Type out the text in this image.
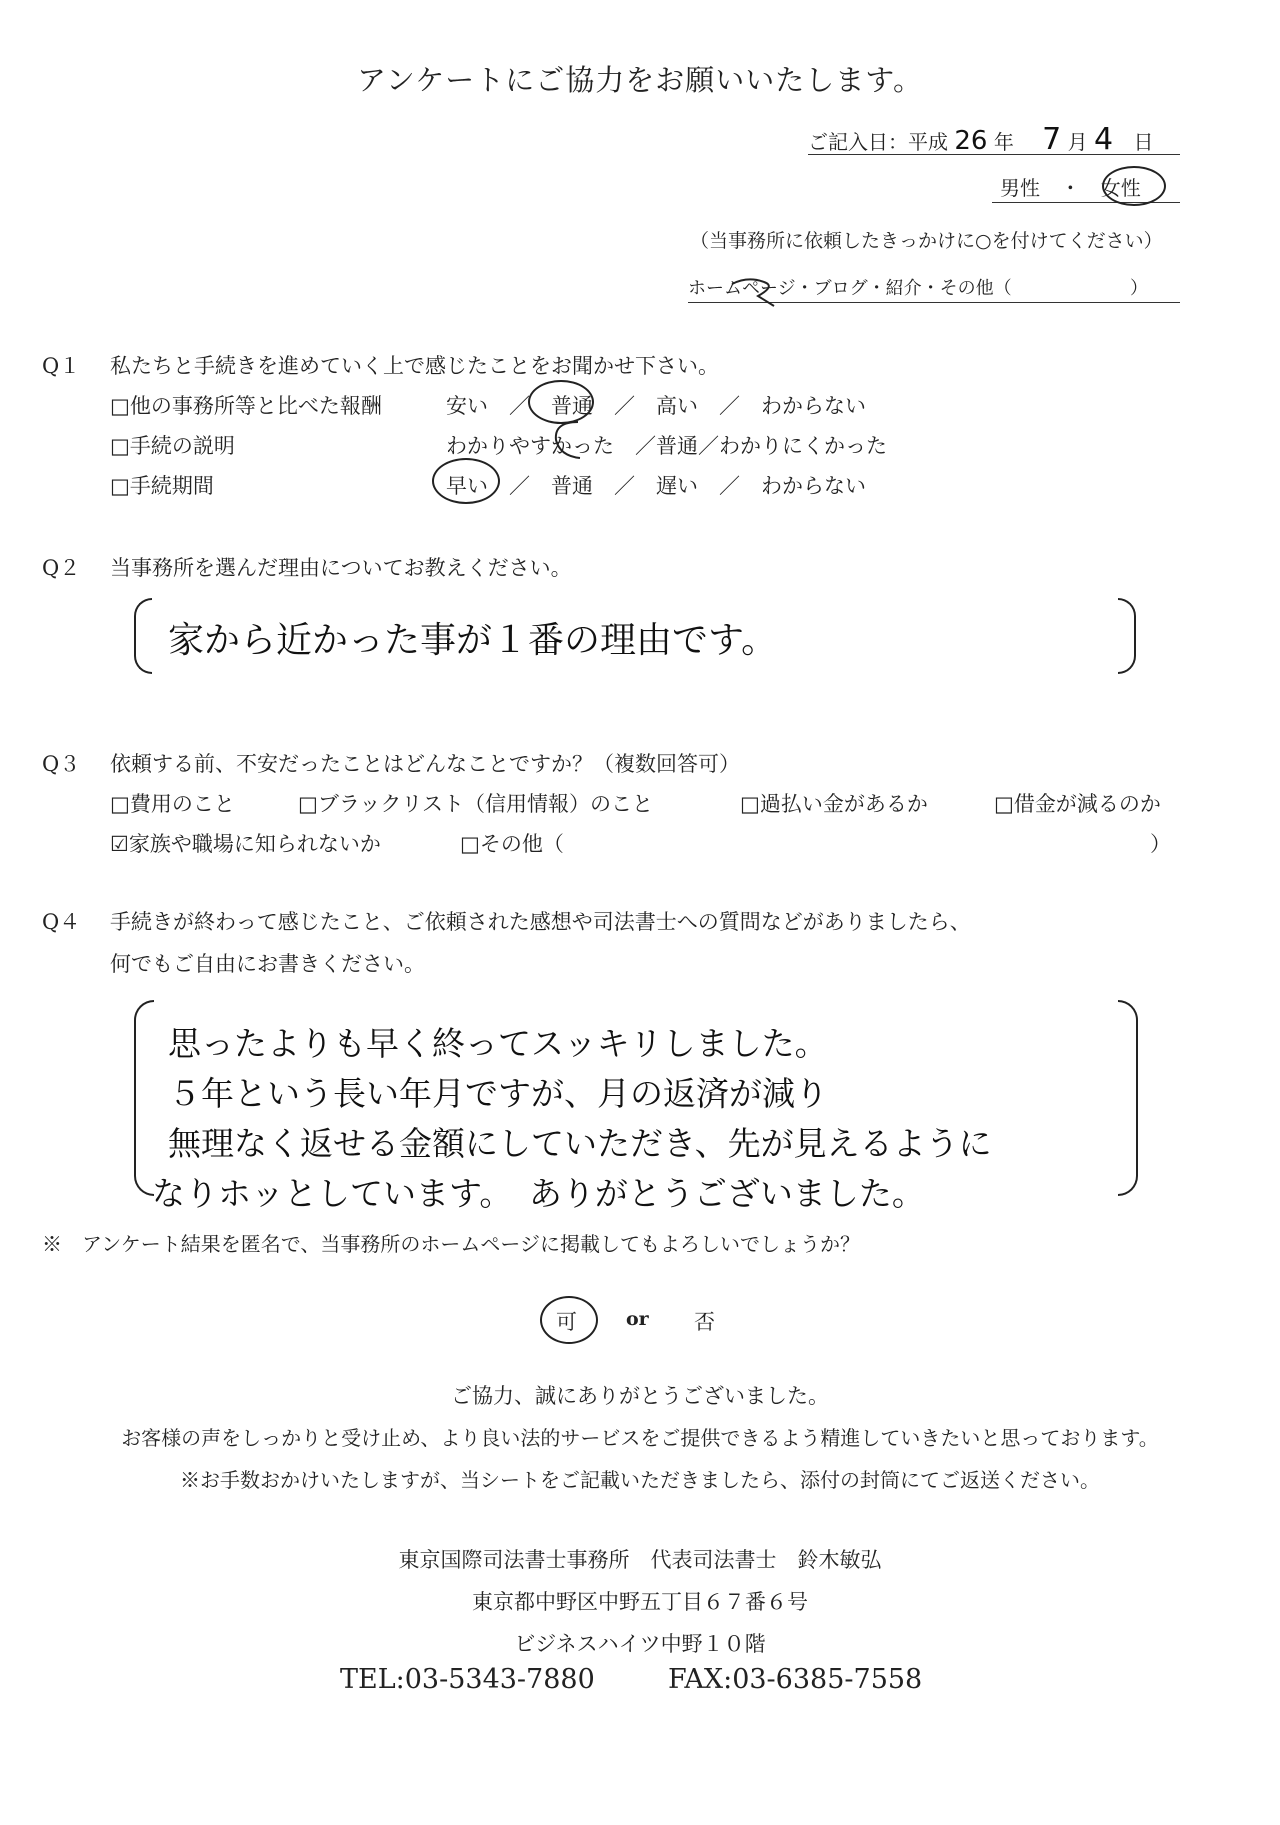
アンケートにご協力をお願いいたします。
ご記入日：平成 26 年 7 月 4 日
男性 ・ 女性
（当事務所に依頼したきっかけに○を付けてください）
ホームページ・ブログ・紹介・その他（	）
Q１ 私たちと手続きを進めていく上で感じたことをお聞かせ下さい。
□他の事務所等と比べた報酬	安い　／　普通　／　高い　／　わからない
□手続の説明	わかりやすかった　／普通／わかりにくかった
□手続期間	早い　／　普通　／　遅い　／　わからない
Q２ 当事務所を選んだ理由についてお教えください。
家から近かった事が１番の理由です。
Q３ 依頼する前、不安だったことはどんなことですか？（複数回答可）
□費用のこと	□ブラックリスト（信用情報）のこと	□過払い金があるか	□借金が減るのか
☑家族や職場に知られないか	□その他（	）
Q４ 手続きが終わって感じたこと、ご依頼された感想や司法書士への質問などがありましたら、
何でもご自由にお書きください。
思ったよりも早く終ってスッキリしました。
５年という長い年月ですが、月の返済が減り
無理なく返せる金額にしていただき、先が見えるように
なりホッとしています。　ありがとうございました。
※　アンケート結果を匿名で、当事務所のホームページに掲載してもよろしいでしょうか？
可	or 否
ご協力、誠にありがとうございました。
お客様の声をしっかりと受け止め、より良い法的サービスをご提供できるよう精進していきたいと思っております。
※お手数おかけいたしますが、当シートをご記載いただきましたら、添付の封筒にてご返送ください。
東京国際司法書士事務所　代表司法書士　鈴木敏弘
東京都中野区中野五丁目６７番６号
ビジネスハイツ中野１０階
TEL:03-5343-7880	FAX:03-6385-7558
